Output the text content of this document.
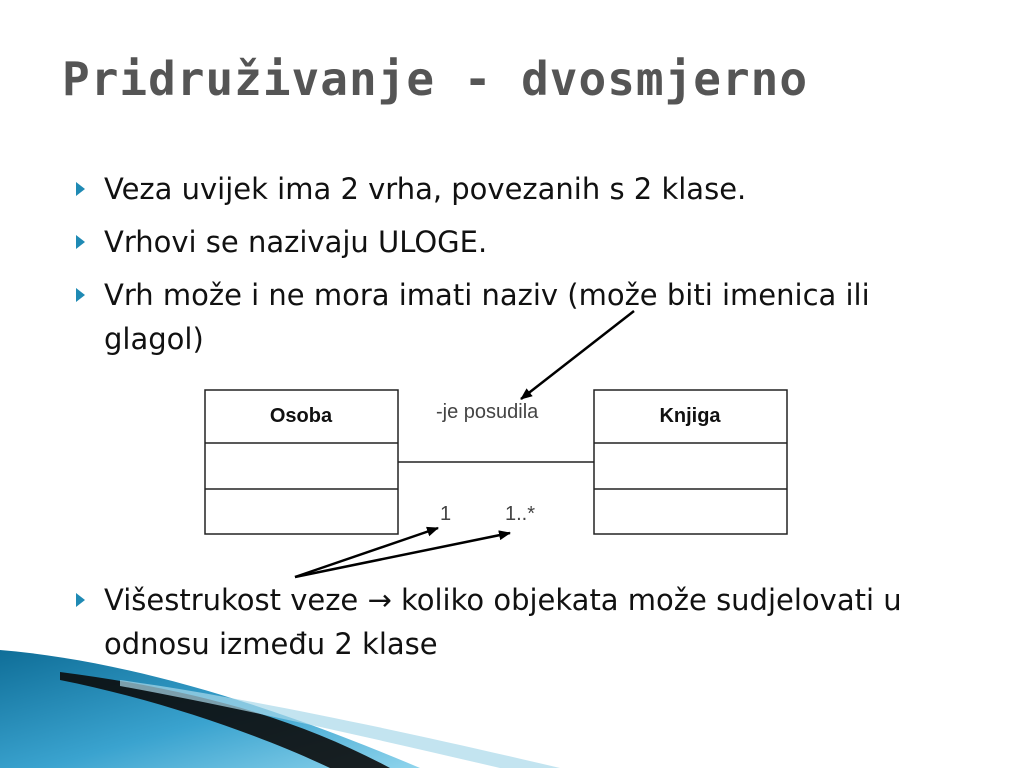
Pridruživanje - dvosmjerno
Veza uvijek ima 2 vrha, povezanih s 2 klase.
Vrhovi se nazivaju ULOGE.
Vrh može i ne mora imati naziv (može biti imenica ili glagol)
Višestrukost veze → koliko objekata može sudjelovati u odnosu između 2 klase
Osoba	Knjiga
-je posudila
1	1..*
